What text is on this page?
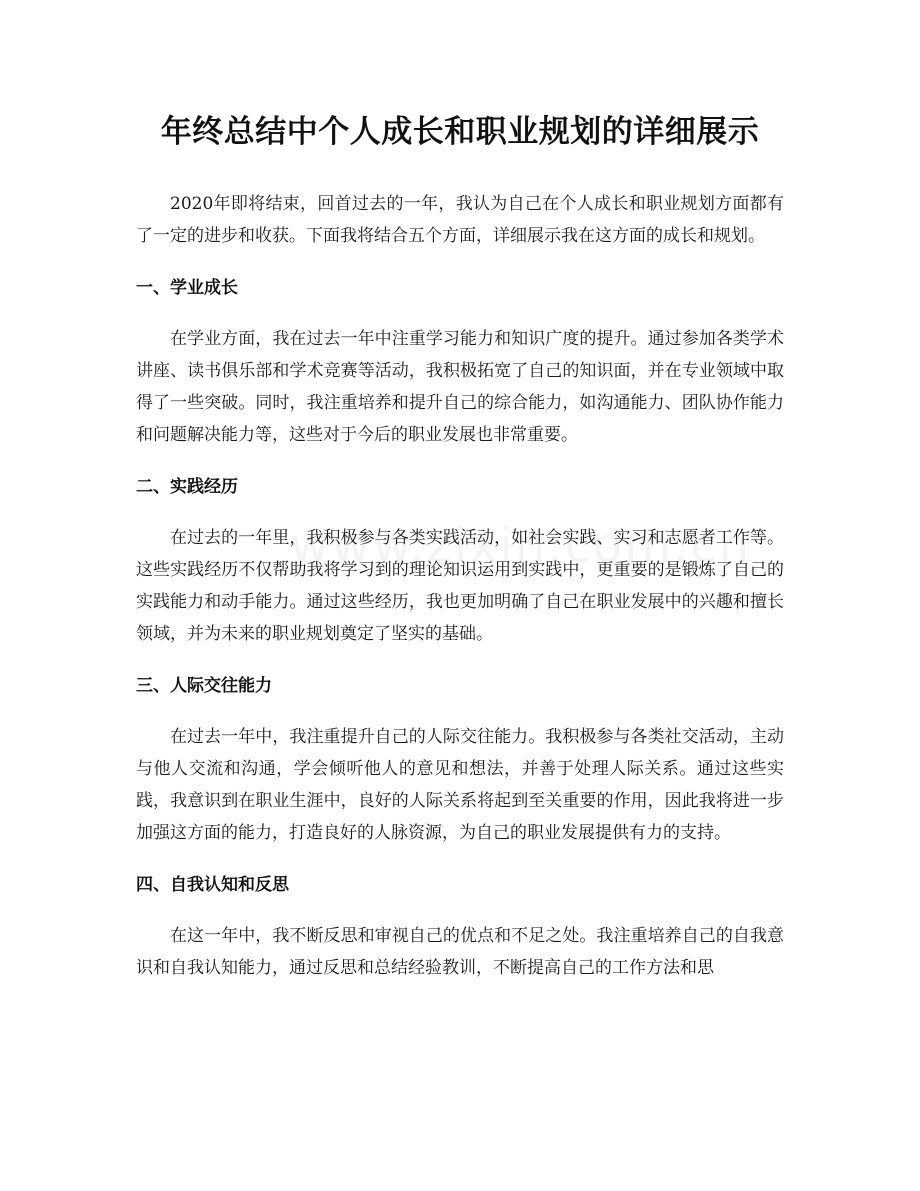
年终总结中个人成长和职业规划的详细展示

2020年即将结束，回首过去的一年，我认为自己在个人成长和职业规划方面都有了一定的进步和收获。下面我将结合五个方面，详细展示我在这方面的成长和规划。

一、学业成长

在学业方面，我在过去一年中注重学习能力和知识广度的提升。通过参加各类学术讲座、读书俱乐部和学术竞赛等活动，我积极拓宽了自己的知识面，并在专业领域中取得了一些突破。同时，我注重培养和提升自己的综合能力，如沟通能力、团队协作能力和问题解决能力等，这些对于今后的职业发展也非常重要。

二、实践经历

在过去的一年里，我积极参与各类实践活动，如社会实践、实习和志愿者工作等。这些实践经历不仅帮助我将学习到的理论知识运用到实践中，更重要的是锻炼了自己的实践能力和动手能力。通过这些经历，我也更加明确了自己在职业发展中的兴趣和擅长领域，并为未来的职业规划奠定了坚实的基础。

三、人际交往能力

在过去一年中，我注重提升自己的人际交往能力。我积极参与各类社交活动，主动与他人交流和沟通，学会倾听他人的意见和想法，并善于处理人际关系。通过这些实践，我意识到在职业生涯中，良好的人际关系将起到至关重要的作用，因此我将进一步加强这方面的能力，打造良好的人脉资源，为自己的职业发展提供有力的支持。

四、自我认知和反思

在这一年中，我不断反思和审视自己的优点和不足之处。我注重培养自己的自我意识和自我认知能力，通过反思和总结经验教训，不断提高自己的工作方法和思
